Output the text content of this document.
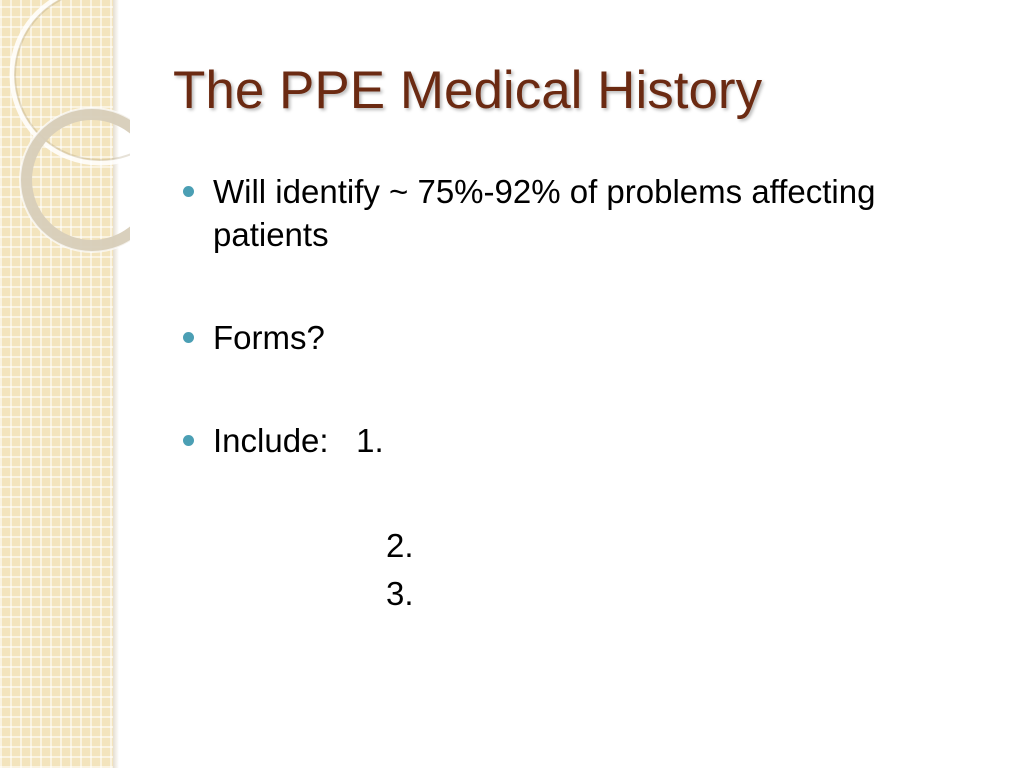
The PPE Medical History
Will identify ~ 75%-92% of problems affecting patients
Forms?
Include: 1.
2.
3.
